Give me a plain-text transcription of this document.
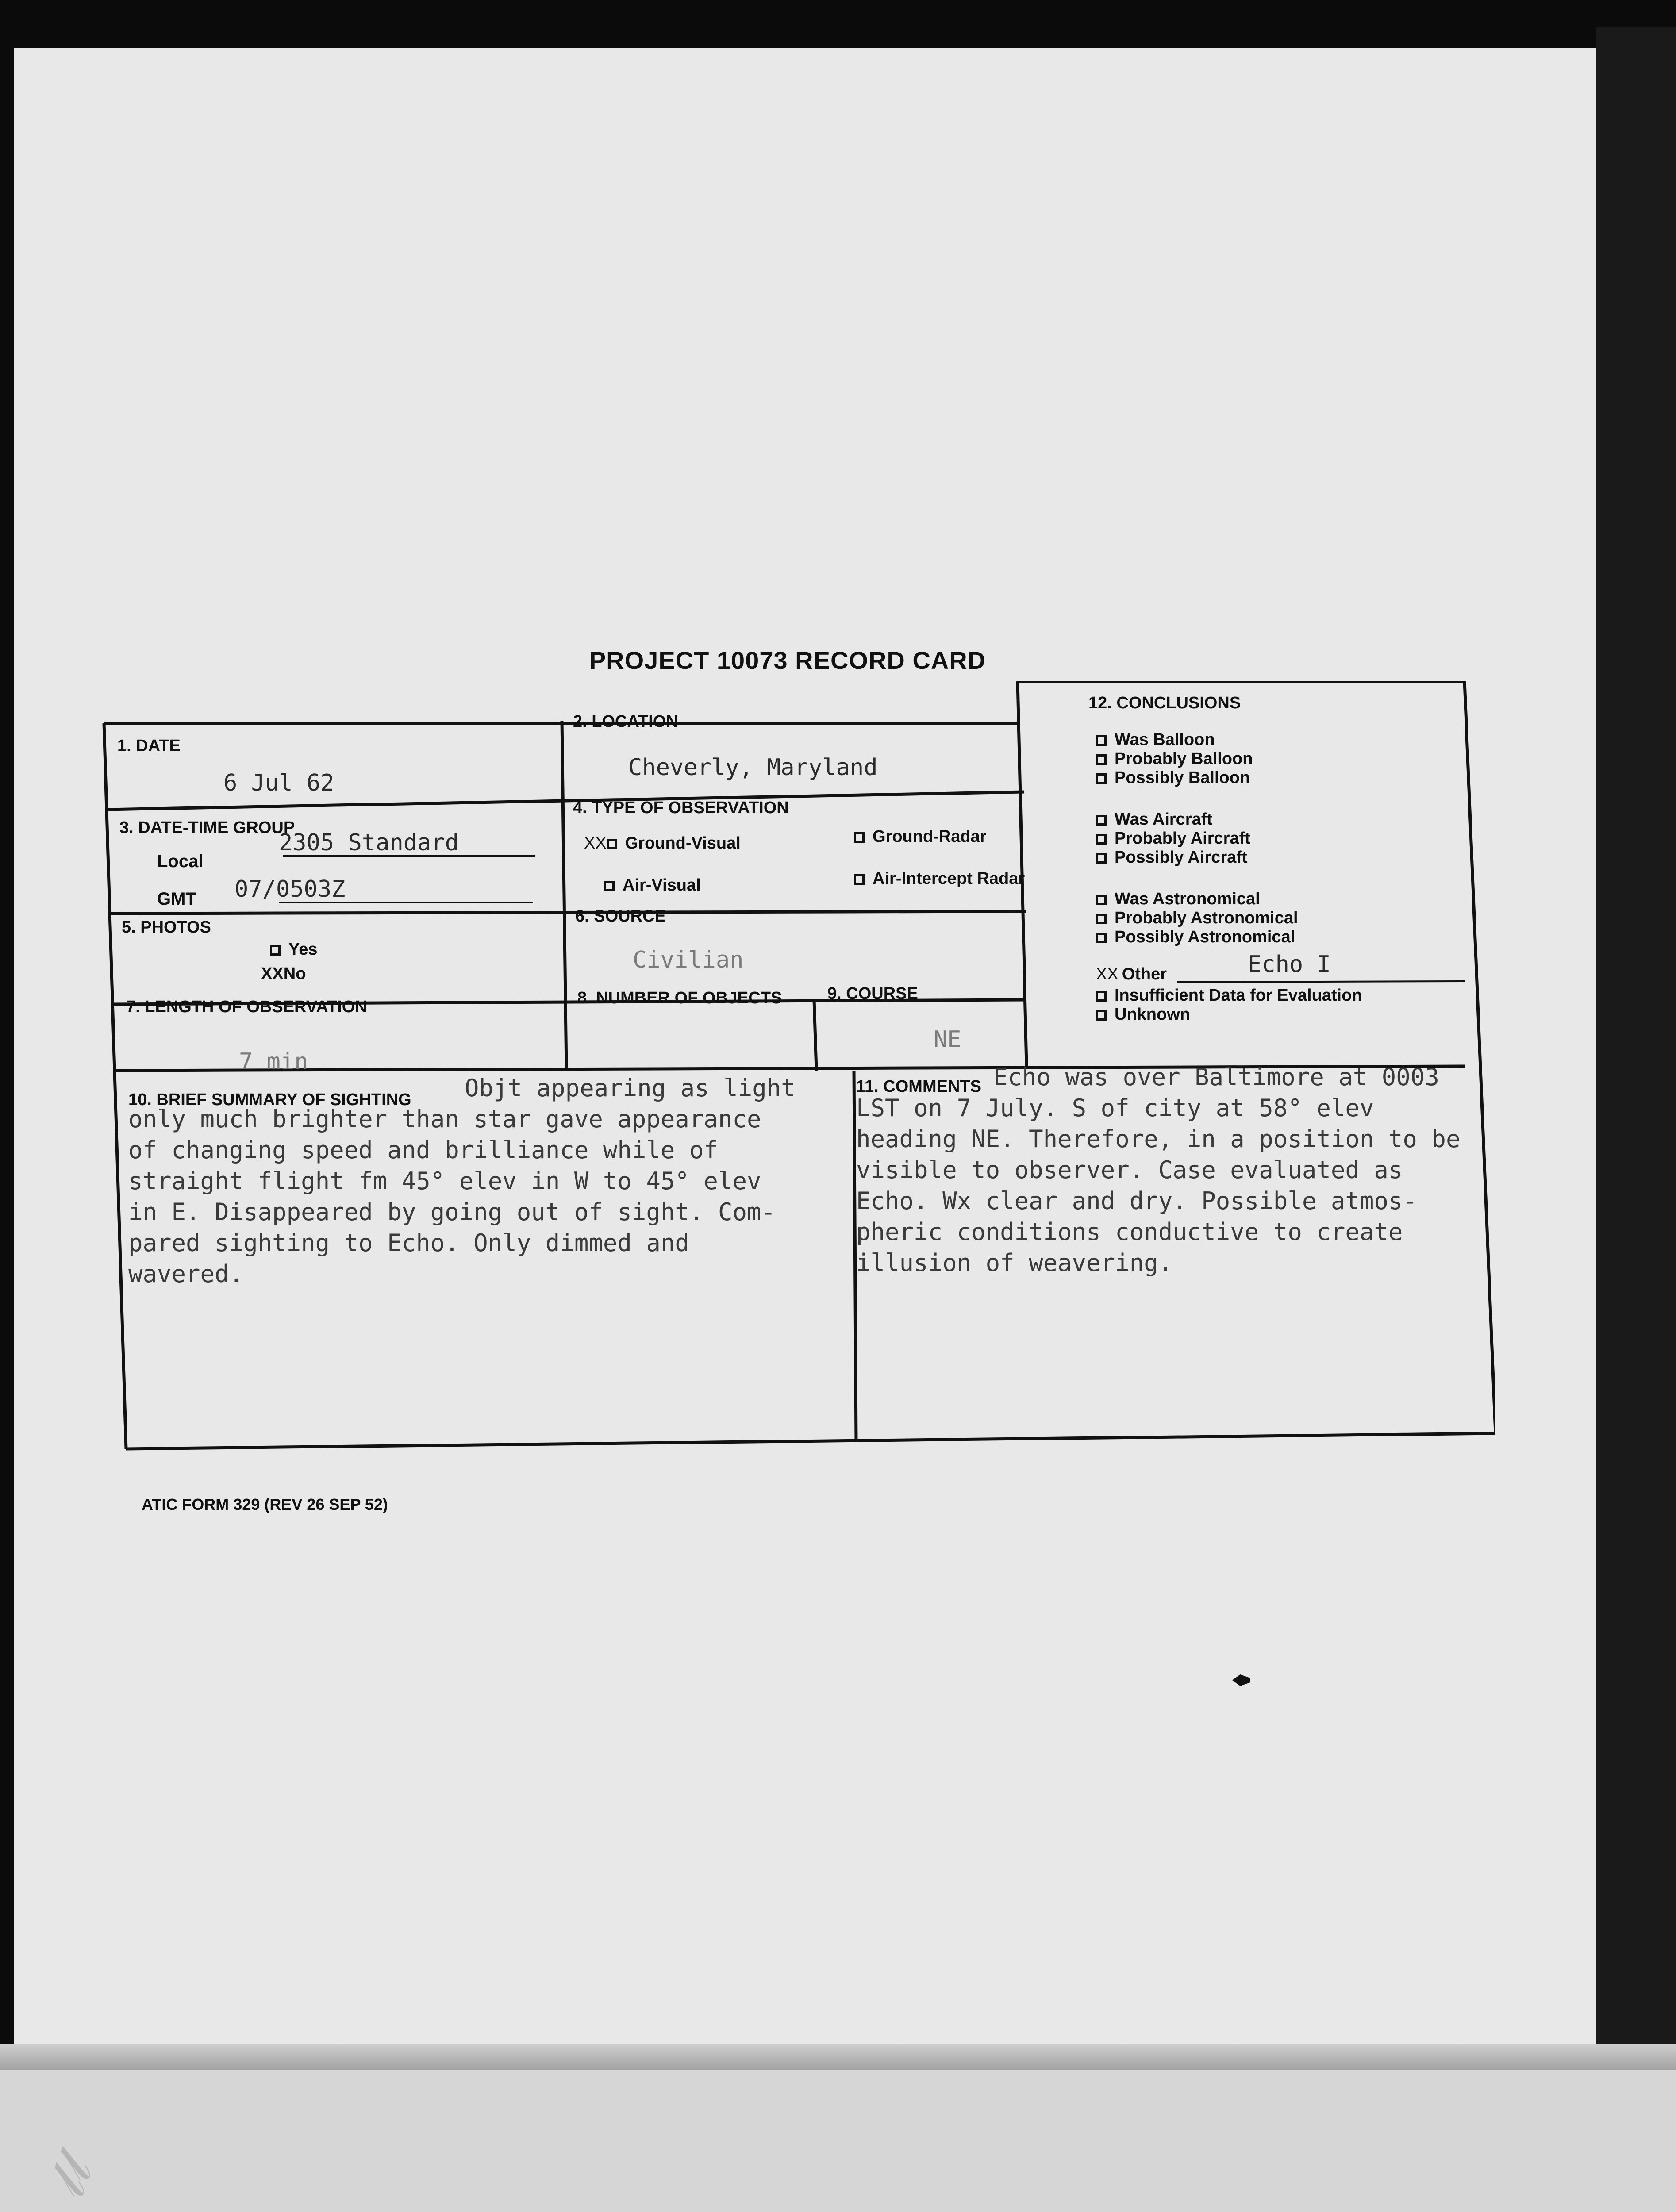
𝓁𝓁
PROJECT 10073 RECORD CARD
1. DATE
6 Jul 62
2. LOCATION
Cheverly, Maryland
3. DATE-TIME GROUP
Local
2305 Standard
GMT 07/0503Z
4. TYPE OF OBSERVATION
XX Ground-Visual	Ground-Radar
Air-Visual	Air-Intercept Radar
5. PHOTOS
Yes
XXNo
6. SOURCE
Civilian
7. LENGTH OF OBSERVATION
7 min
8. NUMBER OF OBJECTS	9. COURSE
NE
10. BRIEF SUMMARY OF SIGHTING	Objt appearing as light
only much brighter than star gave appearance
of changing speed and brilliance while of
straight flight fm 45° elev in W to 45° elev
in E. Disappeared by going out of sight. Com-
pared sighting to Echo. Only dimmed and
wavered.
11. COMMENTS Echo was over Baltimore at 0003
LST on 7 July. S of city at 58° elev
heading NE. Therefore, in a position to be
visible to observer. Case evaluated as
Echo. Wx clear and dry. Possible atmos-
pheric conditions conductive to create
illusion of weavering.
12. CONCLUSIONS
Was Balloon
Probably Balloon
Possibly Balloon
Was Aircraft
Probably Aircraft
Possibly Aircraft
Was Astronomical
Probably Astronomical
Possibly Astronomical
XX Other	Echo I
Insufficient Data for Evaluation
Unknown
ATIC FORM 329 (REV 26 SEP 52)
